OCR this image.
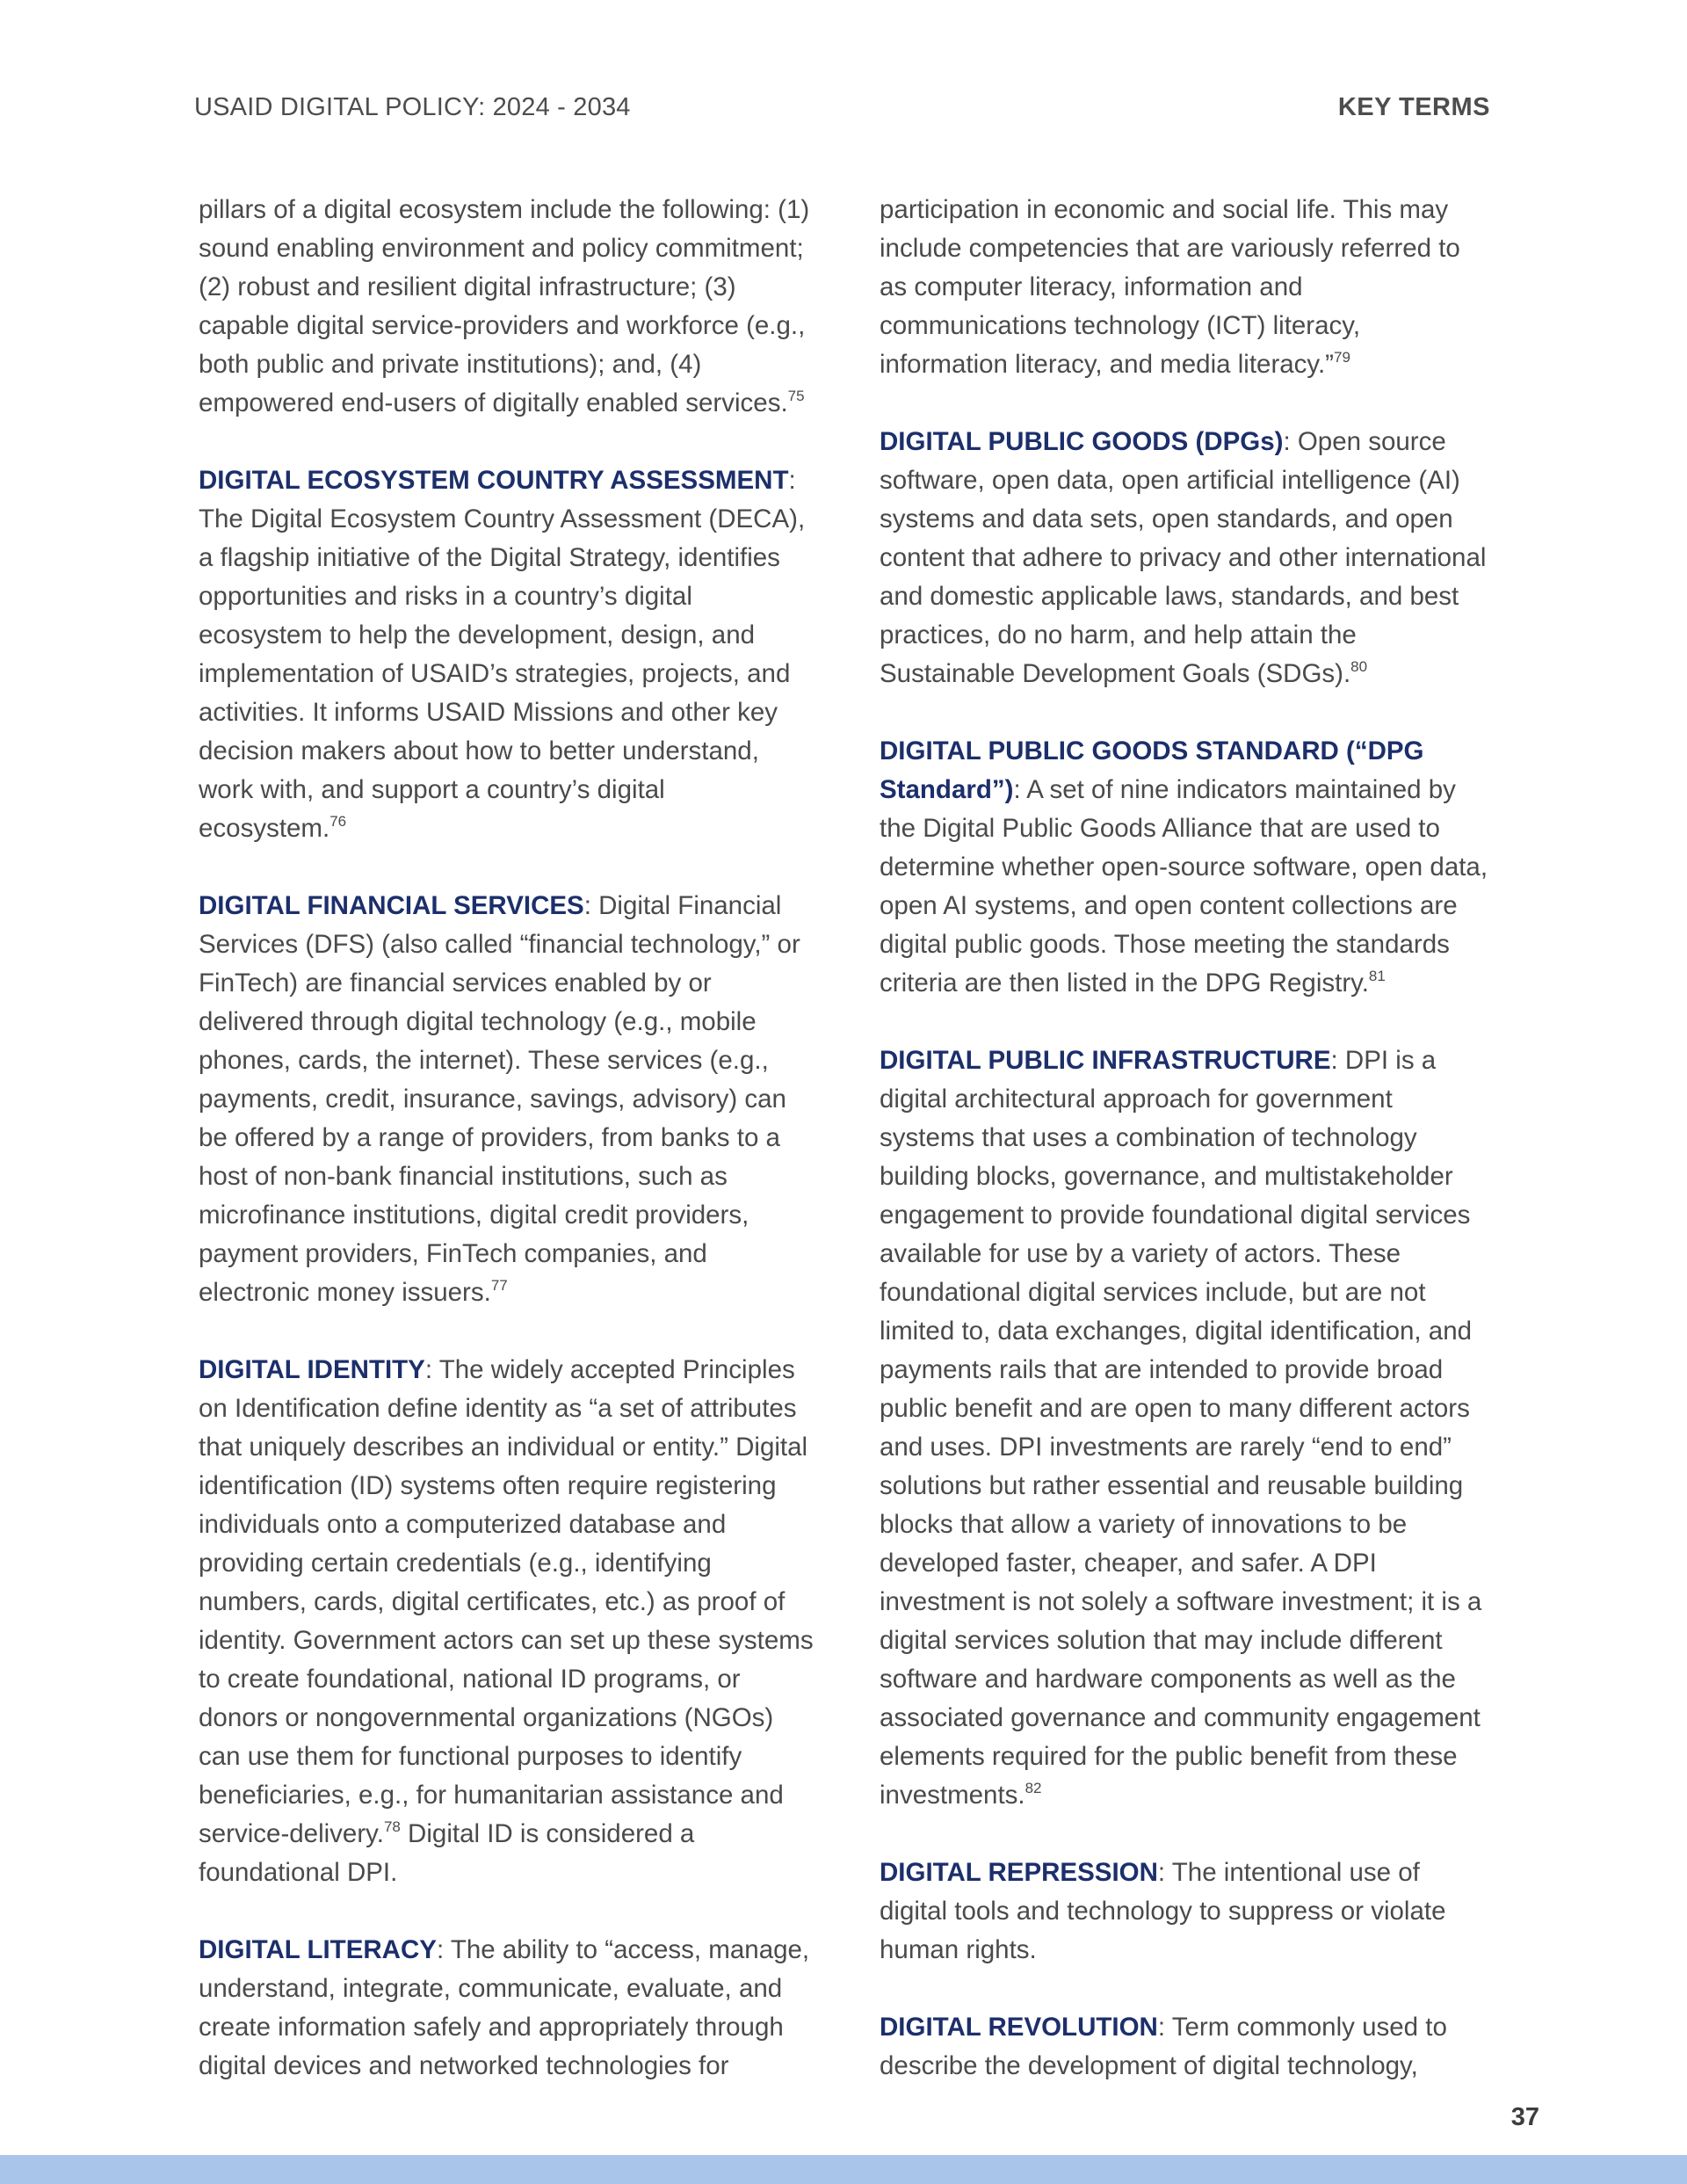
USAID DIGITAL POLICY: 2024 - 2034	KEY TERMS

pillars of a digital ecosystem include the following: (1) sound enabling environment and policy commitment; (2) robust and resilient digital infrastructure; (3) capable digital service-providers and workforce (e.g., both public and private institutions); and, (4) empowered end-users of digitally enabled services.$^{75}$

DIGITAL ECOSYSTEM COUNTRY ASSESSMENT: The Digital Ecosystem Country Assessment (DECA), a flagship initiative of the Digital Strategy, identifies opportunities and risks in a country’s digital ecosystem to help the development, design, and implementation of USAID’s strategies, projects, and activities. It informs USAID Missions and other key decision makers about how to better understand, work with, and support a country’s digital ecosystem.$^{76}$

DIGITAL FINANCIAL SERVICES: Digital Financial Services (DFS) (also called “financial technology,” or FinTech) are financial services enabled by or delivered through digital technology (e.g., mobile phones, cards, the internet). These services (e.g., payments, credit, insurance, savings, advisory) can be offered by a range of providers, from banks to a host of non-bank financial institutions, such as microfinance institutions, digital credit providers, payment providers, FinTech companies, and electronic money issuers.$^{77}$

DIGITAL IDENTITY: The widely accepted Principles on Identification define identity as “a set of attributes that uniquely describes an individual or entity.” Digital identification (ID) systems often require registering individuals onto a computerized database and providing certain credentials (e.g., identifying numbers, cards, digital certificates, etc.) as proof of identity. Government actors can set up these systems to create foundational, national ID programs, or donors or nongovernmental organizations (NGOs) can use them for functional purposes to identify beneficiaries, e.g., for humanitarian assistance and service-delivery.$^{78}$ Digital ID is considered a foundational DPI.

DIGITAL LITERACY: The ability to “access, manage, understand, integrate, communicate, evaluate, and create information safely and appropriately through digital devices and networked technologies for

participation in economic and social life. This may include competencies that are variously referred to as computer literacy, information and communications technology (ICT) literacy, information literacy, and media literacy.”$^{79}$

DIGITAL PUBLIC GOODS (DPGs): Open source software, open data, open artificial intelligence (AI) systems and data sets, open standards, and open content that adhere to privacy and other international and domestic applicable laws, standards, and best practices, do no harm, and help attain the Sustainable Development Goals (SDGs).$^{80}$

DIGITAL PUBLIC GOODS STANDARD (“DPG Standard”): A set of nine indicators maintained by the Digital Public Goods Alliance that are used to determine whether open-source software, open data, open AI systems, and open content collections are digital public goods. Those meeting the standards criteria are then listed in the DPG Registry.$^{81}$

DIGITAL PUBLIC INFRASTRUCTURE: DPI is a digital architectural approach for government systems that uses a combination of technology building blocks, governance, and multistakeholder engagement to provide foundational digital services available for use by a variety of actors. These foundational digital services include, but are not limited to, data exchanges, digital identification, and payments rails that are intended to provide broad public benefit and are open to many different actors and uses. DPI investments are rarely “end to end” solutions but rather essential and reusable building blocks that allow a variety of innovations to be developed faster, cheaper, and safer. A DPI investment is not solely a software investment; it is a digital services solution that may include different software and hardware components as well as the associated governance and community engagement elements required for the public benefit from these investments.$^{82}$

DIGITAL REPRESSION: The intentional use of digital tools and technology to suppress or violate human rights.

DIGITAL REVOLUTION: Term commonly used to describe the development of digital technology,

37
